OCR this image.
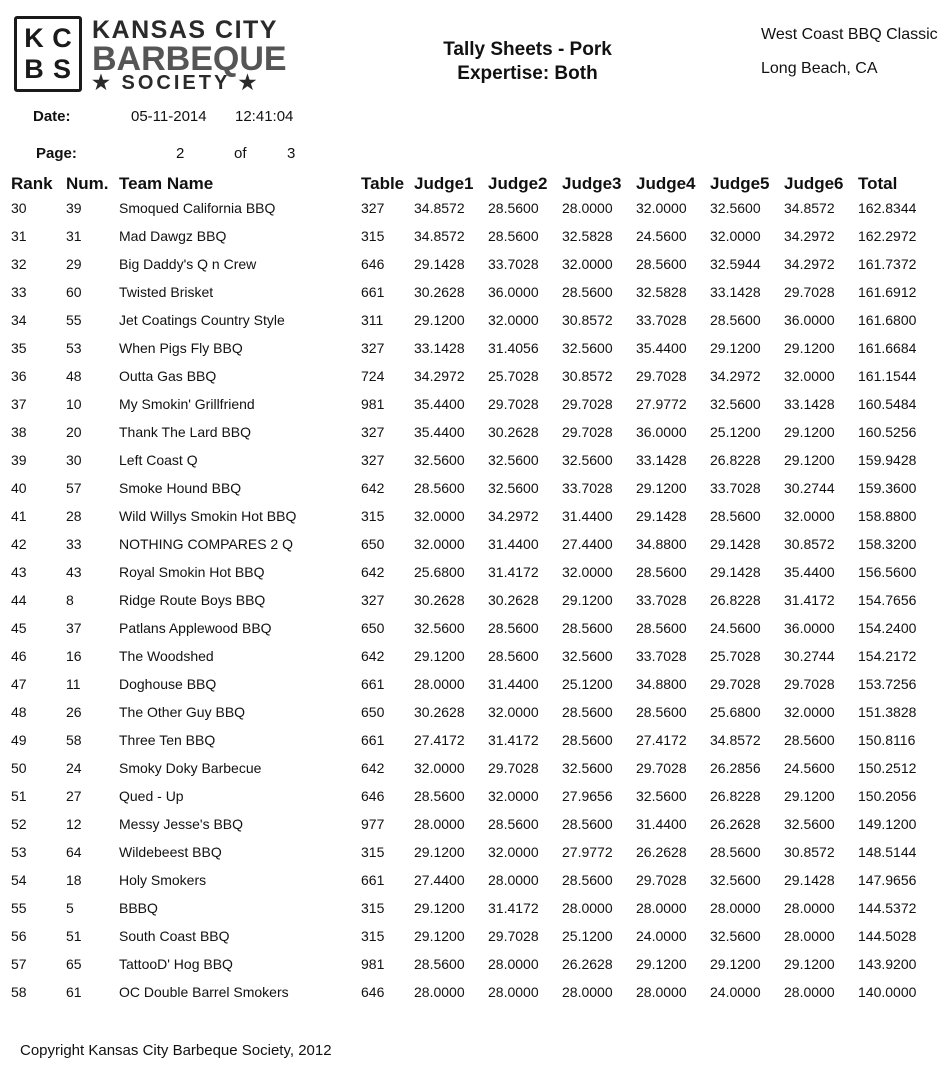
K C
B S
KANSAS CITY
BARBEQUE
★ SOCIETY ★
Tally Sheets - Pork
Expertise: Both
West Coast BBQ Classic
Long Beach, CA
Date:	05-11-2014 12:41:04
Page:	2	of	3
Rank Num. Team Name	Table Judge1 Judge2 Judge3 Judge4 Judge5 Judge6 Total
30	39	Smoqued California BBQ	327 34.8572 28.5600 28.0000 32.0000 32.5600 34.8572 162.8344
31	31	Mad Dawgz BBQ	315 34.8572 28.5600 32.5828 24.5600 32.0000 34.2972 162.2972
32	29	Big Daddy's Q n Crew	646 29.1428 33.7028 32.0000 28.5600 32.5944 34.2972 161.7372
33	60	Twisted Brisket	661 30.2628 36.0000 28.5600 32.5828 33.1428 29.7028 161.6912
34	55	Jet Coatings Country Style	311 29.1200 32.0000 30.8572 33.7028 28.5600 36.0000 161.6800
35	53	When Pigs Fly BBQ	327 33.1428 31.4056 32.5600 35.4400 29.1200 29.1200 161.6684
36	48	Outta Gas BBQ	724 34.2972 25.7028 30.8572 29.7028 34.2972 32.0000 161.1544
37	10	My Smokin' Grillfriend	981 35.4400 29.7028 29.7028 27.9772 32.5600 33.1428 160.5484
38	20	Thank The Lard BBQ	327 35.4400 30.2628 29.7028 36.0000 25.1200 29.1200 160.5256
39	30	Left Coast Q	327 32.5600 32.5600 32.5600 33.1428 26.8228 29.1200 159.9428
40	57	Smoke Hound BBQ	642 28.5600 32.5600 33.7028 29.1200 33.7028 30.2744 159.3600
41	28	Wild Willys Smokin Hot BBQ	315 32.0000 34.2972 31.4400 29.1428 28.5600 32.0000 158.8800
42	33	NOTHING COMPARES 2 Q	650 32.0000 31.4400 27.4400 34.8800 29.1428 30.8572 158.3200
43	43	Royal Smokin Hot BBQ	642 25.6800 31.4172 32.0000 28.5600 29.1428 35.4400 156.5600
44	8	Ridge Route Boys BBQ	327 30.2628 30.2628 29.1200 33.7028 26.8228 31.4172 154.7656
45	37	Patlans Applewood BBQ	650 32.5600 28.5600 28.5600 28.5600 24.5600 36.0000 154.2400
46	16	The Woodshed	642 29.1200 28.5600 32.5600 33.7028 25.7028 30.2744 154.2172
47	11	Doghouse BBQ	661 28.0000 31.4400 25.1200 34.8800 29.7028 29.7028 153.7256
48	26	The Other Guy BBQ	650 30.2628 32.0000 28.5600 28.5600 25.6800 32.0000 151.3828
49	58	Three Ten BBQ	661 27.4172 31.4172 28.5600 27.4172 34.8572 28.5600 150.8116
50	24	Smoky Doky Barbecue	642 32.0000 29.7028 32.5600 29.7028 26.2856 24.5600 150.2512
51	27	Qued - Up	646 28.5600 32.0000 27.9656 32.5600 26.8228 29.1200 150.2056
52	12	Messy Jesse's BBQ	977 28.0000 28.5600 28.5600 31.4400 26.2628 32.5600 149.1200
53	64	Wildebeest BBQ	315 29.1200 32.0000 27.9772 26.2628 28.5600 30.8572 148.5144
54	18	Holy Smokers	661 27.4400 28.0000 28.5600 29.7028 32.5600 29.1428 147.9656
55	5	BBBQ	315 29.1200 31.4172 28.0000 28.0000 28.0000 28.0000 144.5372
56	51	South Coast BBQ	315 29.1200 29.7028 25.1200 24.0000 32.5600 28.0000 144.5028
57	65	TattooD' Hog BBQ	981 28.5600 28.0000 26.2628 29.1200 29.1200 29.1200 143.9200
58	61	OC Double Barrel Smokers	646 28.0000 28.0000 28.0000 28.0000 24.0000 28.0000 140.0000
Copyright Kansas City Barbeque Society, 2012
